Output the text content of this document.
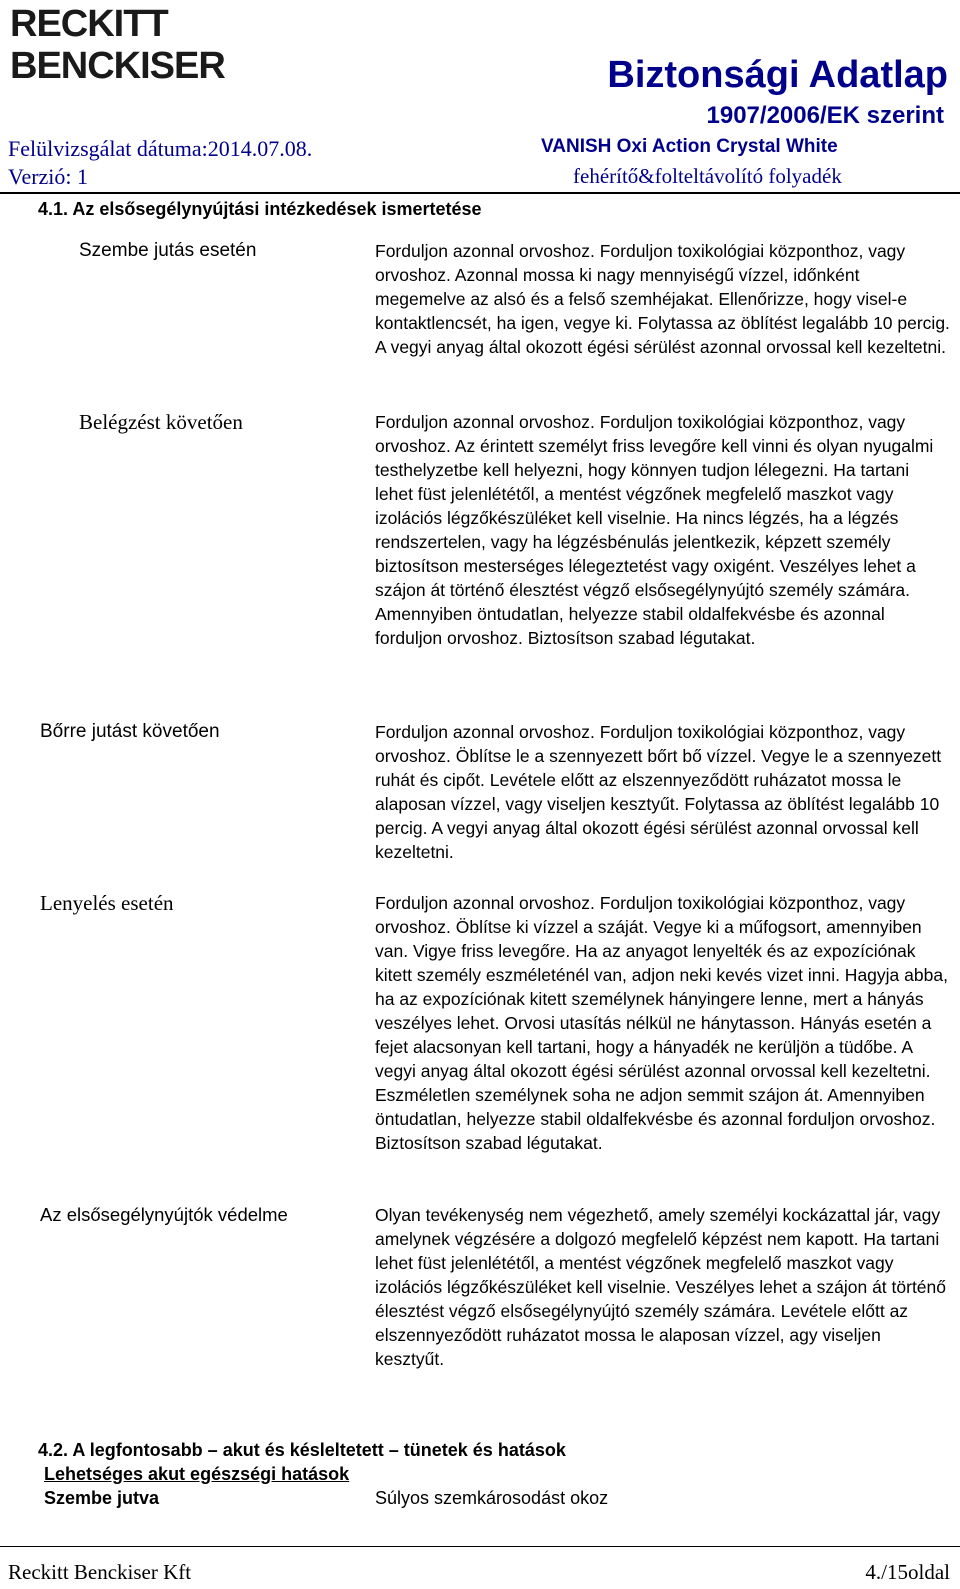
RECKITT
BENCKISER	Biztonsági Adatlap
1907/2006/EK szerint
Felülvizsgálat dátuma:2014.07.08.
Verzió: 1
VANISH Oxi Action Crystal White
fehérítő&folteltávolító folyadék
4.1. Az elsősegélynyújtási intézkedések ismertetése
Szembe jutás esetén	Forduljon azonnal orvoshoz. Forduljon toxikológiai központhoz, vagy orvoshoz. Azonnal mossa ki nagy mennyiségű vízzel, időnként megemelve az alsó és a felső szemhéjakat. Ellenőrizze, hogy visel-e kontaktlencsét, ha igen, vegye ki. Folytassa az öblítést legalább 10 percig. A vegyi anyag által okozott égési sérülést azonnal orvossal kell kezeltetni.

Belégzést követően	Forduljon azonnal orvoshoz. Forduljon toxikológiai központhoz, vagy orvoshoz. Az érintett személyt friss levegőre kell vinni és olyan nyugalmi testhelyzetbe kell helyezni, hogy könnyen tudjon lélegezni. Ha tartani lehet füst jelenlététől, a mentést végzőnek megfelelő maszkot vagy izolációs légzőkészüléket kell viselnie. Ha nincs légzés, ha a légzés rendszertelen, vagy ha légzésbénulás jelentkezik, képzett személy biztosítson mesterséges lélegeztetést vagy oxigént. Veszélyes lehet a szájon át történő élesztést végző elsősegélynyújtó személy számára. Amennyiben öntudatlan, helyezze stabil oldalfekvésbe és azonnal forduljon orvoshoz. Biztosítson szabad légutakat.

Bőrre jutást követően	Forduljon azonnal orvoshoz. Forduljon toxikológiai központhoz, vagy orvoshoz. Öblítse le a szennyezett bőrt bő vízzel. Vegye le a szennyezett ruhát és cipőt. Levétele előtt az elszennyeződött ruházatot mossa le alaposan vízzel, vagy viseljen kesztyűt. Folytassa az öblítést legalább 10 percig. A vegyi anyag által okozott égési sérülést azonnal orvossal kell kezeltetni.

Lenyelés esetén	Forduljon azonnal orvoshoz. Forduljon toxikológiai központhoz, vagy orvoshoz. Öblítse ki vízzel a száját. Vegye ki a műfogsort, amennyiben van. Vigye friss levegőre. Ha az anyagot lenyelték és az expozíciónak kitett személy eszméleténél van, adjon neki kevés vizet inni. Hagyja abba, ha az expozíciónak kitett személynek hányingere lenne, mert a hányás veszélyes lehet. Orvosi utasítás nélkül ne hánytasson. Hányás esetén a fejet alacsonyan kell tartani, hogy a hányadék ne kerüljön a tüdőbe. A vegyi anyag által okozott égési sérülést azonnal orvossal kell kezeltetni. Eszméletlen személynek soha ne adjon semmit szájon át. Amennyiben öntudatlan, helyezze stabil oldalfekvésbe és azonnal forduljon orvoshoz. Biztosítson szabad légutakat.

Az elsősegélynyújtók védelme	Olyan tevékenység nem végezhető, amely személyi kockázattal jár, vagy amelynek végzésére a dolgozó megfelelő képzést nem kapott. Ha tartani lehet füst jelenlététől, a mentést végzőnek megfelelő maszkot vagy izolációs légzőkészüléket kell viselnie. Veszélyes lehet a szájon át történő élesztést végző elsősegélynyújtó személy számára. Levétele előtt az elszennyeződött ruházatot mossa le alaposan vízzel, agy viseljen kesztyűt.

4.2. A legfontosabb – akut és késleltetett – tünetek és hatások
Lehetséges akut egészségi hatások
Szembe jutva	Súlyos szemkárosodást okoz
Reckitt Benckiser Kft	4./15oldal
